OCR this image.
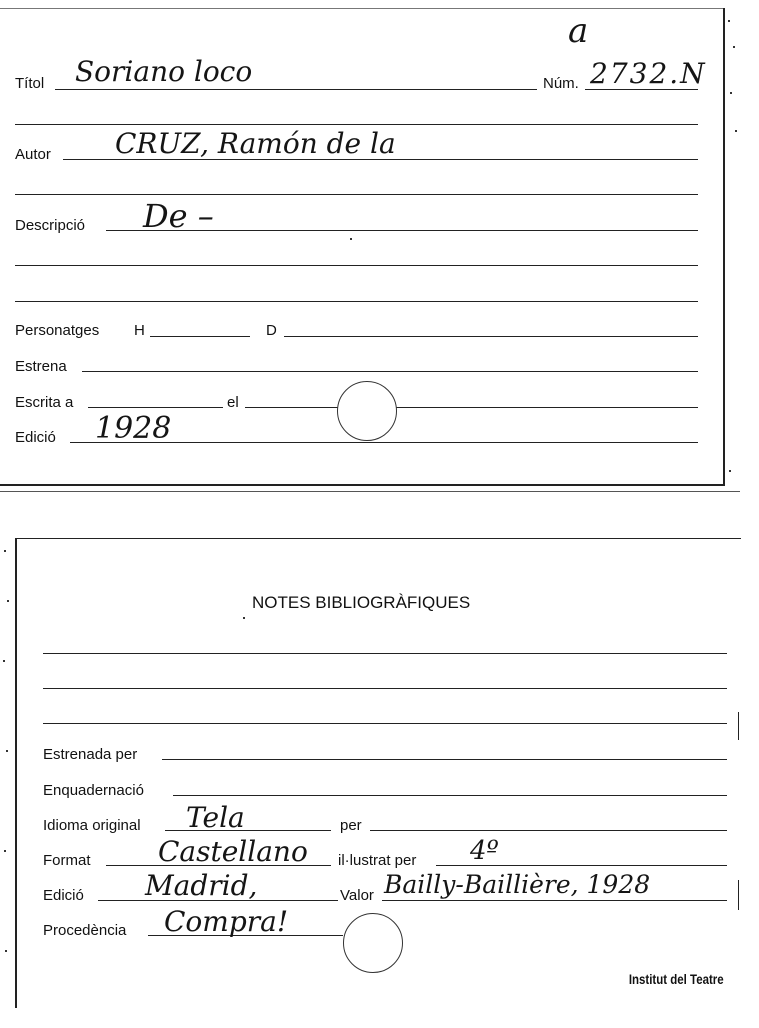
a
Títol Soriano loco	Núm. 2732.N
Autor CRUZ, Ramón de la
Descripció De –
Personatges H	D
Estrena
Escrita a	el
Edició 1928
NOTES BIBLIOGRÀFIQUES
Estrenada per
Enquadernació
Idioma original Tela	per
Format Castellano il·lustrat per 4º
Edició Madrid,	Valor Bailly-Baillière, 1928
Procedència Compra!
Institut del Teatre
